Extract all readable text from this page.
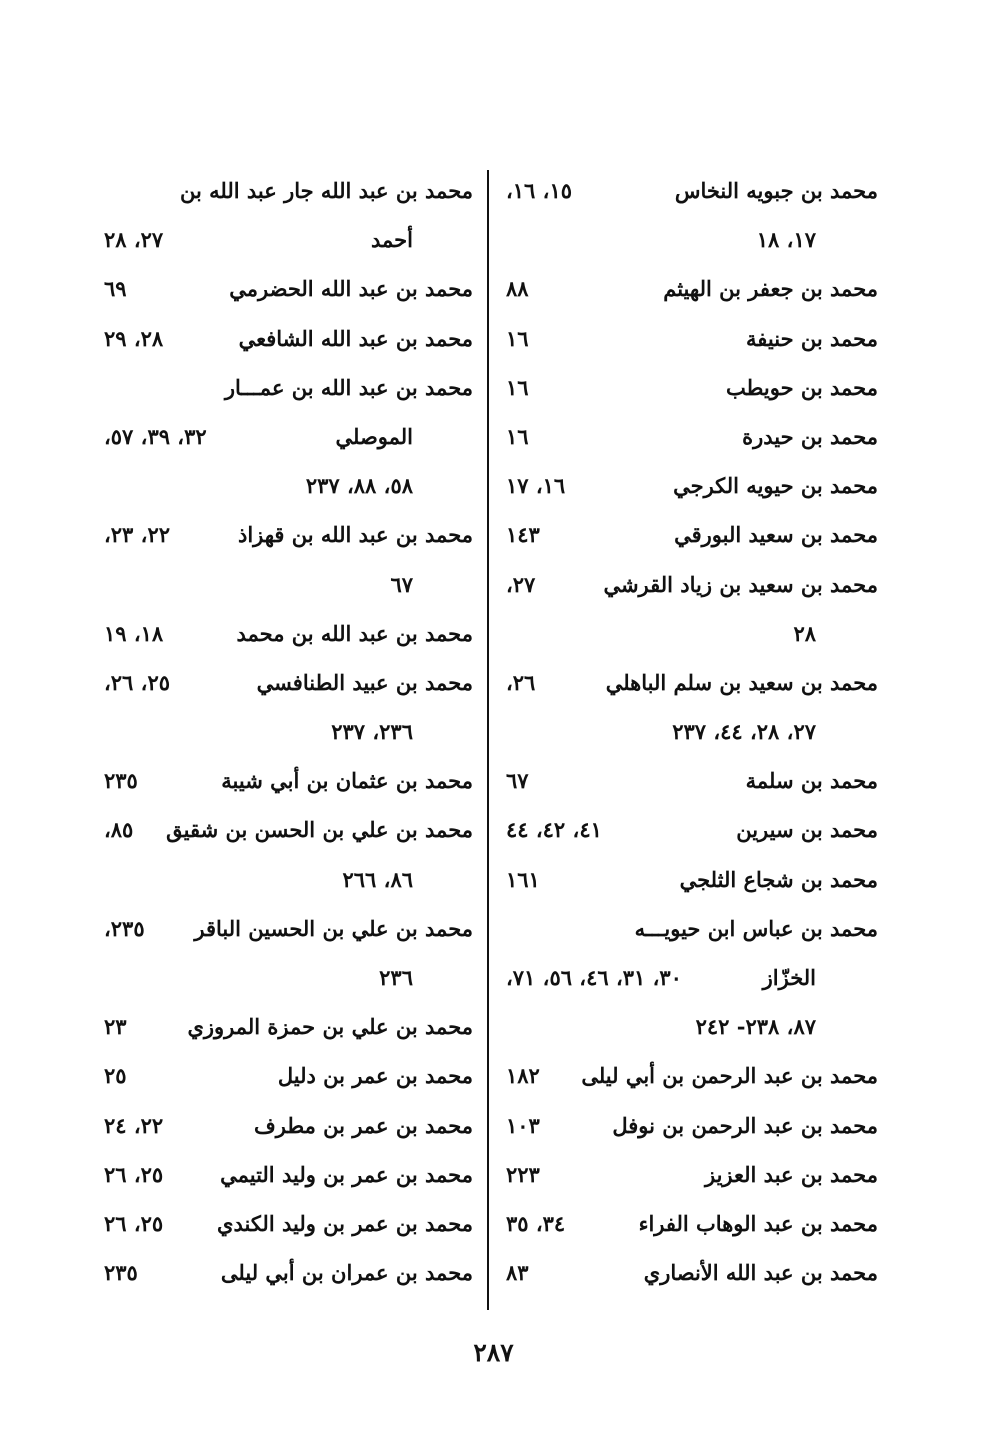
محمد بن جبويه النخاس
١٥، ١٦،
١٧، ١٨
محمد بن جعفر بن الهيثم
٨٨
محمد بن حنيفة
١٦
محمد بن حويطب
١٦
محمد بن حيدرة
١٦
محمد بن حيويه الكرجي
١٦، ١٧
محمد بن سعيد البورقي
١٤٣
محمد بن سعيد بن زياد القرشي
٢٧،
٢٨
محمد بن سعيد بن سلم الباهلي
٢٦،
٢٧، ٢٨، ٤٤، ٢٣٧
محمد بن سلمة
٦٧
محمد بن سيرين
٤١، ٤٢، ٤٤
محمد بن شجاع الثلجي
١٦١
محمد بن عباس ابن حيويـــه
الخزّاز
٣٠، ٣١، ٤٦، ٥٦، ٧١،
٨٧، ٢٣٨- ٢٤٢
محمد بن عبد الرحمن بن أبي ليلى
١٨٢
محمد بن عبد الرحمن بن نوفل
١٠٣
محمد بن عبد العزيز
٢٢٣
محمد بن عبد الوهاب الفراء
٣٤، ٣٥
محمد بن عبد الله الأنصاري
٨٣
محمد بن عبد الله جار عبد الله بن
أحمد
٢٧، ٢٨
محمد بن عبد الله الحضرمي
٦٩
محمد بن عبد الله الشافعي
٢٨، ٢٩
محمد بن عبد الله بن عمـــار
الموصلي
٣٢، ٣٩، ٥٧،
٥٨، ٨٨، ٢٣٧
محمد بن عبد الله بن قهزاذ
٢٢، ٢٣،
٦٧
محمد بن عبد الله بن محمد
١٨، ١٩
محمد بن عبيد الطنافسي
٢٥، ٢٦،
٢٣٦، ٢٣٧
محمد بن عثمان بن أبي شيبة
٢٣٥
محمد بن علي بن الحسن بن شقيق
٨٥،
٨٦، ٢٦٦
محمد بن علي بن الحسين الباقر
٢٣٥،
٢٣٦
محمد بن علي بن حمزة المروزي
٢٣
محمد بن عمر بن دليل
٢٥
محمد بن عمر بن مطرف
٢٢، ٢٤
محمد بن عمر بن وليد التيمي
٢٥، ٢٦
محمد بن عمر بن وليد الكندي
٢٥، ٢٦
محمد بن عمران بن أبي ليلى
٢٣٥
٢٨٧
